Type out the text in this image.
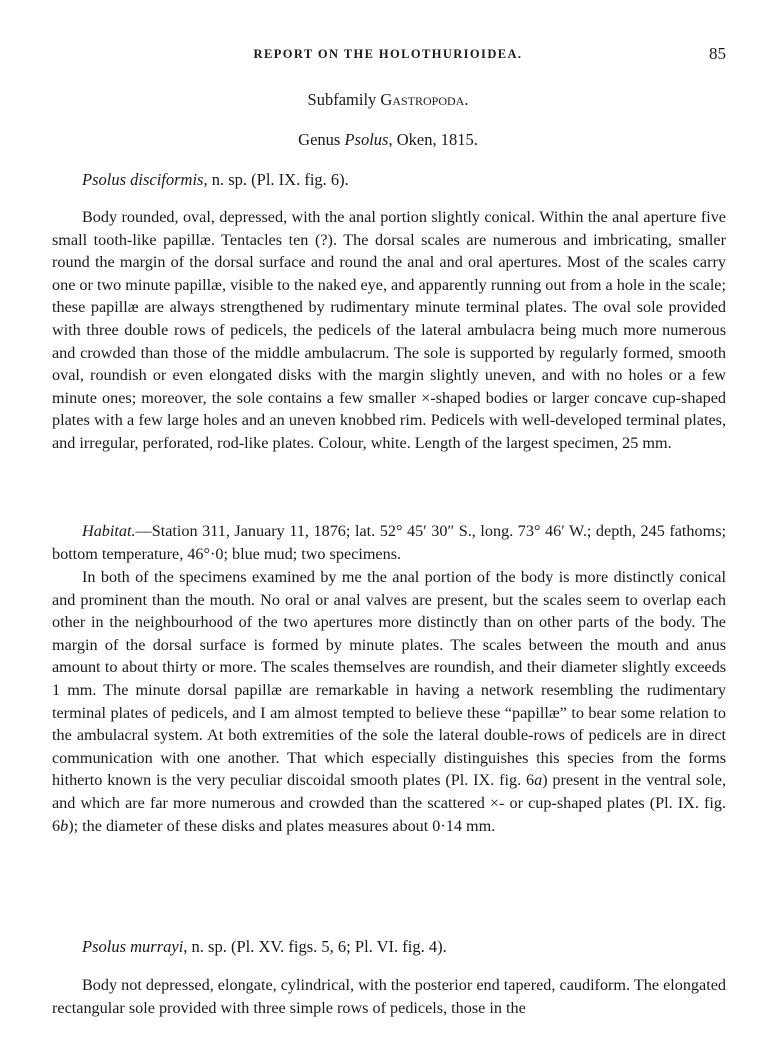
REPORT ON THE HOLOTHURIOIDEA.	85
Subfamily Gastropoda.
Genus Psolus, Oken, 1815.
Psolus disciformis, n. sp. (Pl. IX. fig. 6).

Body rounded, oval, depressed, with the anal portion slightly conical. Within the anal aperture five small tooth-like papillæ. Tentacles ten (?). The dorsal scales are numerous and imbricating, smaller round the margin of the dorsal surface and round the anal and oral apertures. Most of the scales carry one or two minute papillæ, visible to the naked eye, and apparently running out from a hole in the scale; these papillæ are always strengthened by rudimentary minute terminal plates. The oval sole provided with three double rows of pedicels, the pedicels of the lateral ambulacra being much more numerous and crowded than those of the middle ambulacrum. The sole is supported by regularly formed, smooth oval, roundish or even elongated disks with the margin slightly uneven, and with no holes or a few minute ones; moreover, the sole contains a few smaller ×-shaped bodies or larger concave cup-shaped plates with a few large holes and an uneven knobbed rim. Pedicels with well-developed terminal plates, and irregular, perforated, rod-like plates. Colour, white. Length of the largest specimen, 25 mm.

Habitat.—Station 311, January 11, 1876; lat. 52° 45′ 30″ S., long. 73° 46′ W.; depth, 245 fathoms; bottom temperature, 46°·0; blue mud; two specimens.

In both of the specimens examined by me the anal portion of the body is more distinctly conical and prominent than the mouth. No oral or anal valves are present, but the scales seem to overlap each other in the neighbourhood of the two apertures more distinctly than on other parts of the body. The margin of the dorsal surface is formed by minute plates. The scales between the mouth and anus amount to about thirty or more. The scales themselves are roundish, and their diameter slightly exceeds 1 mm. The minute dorsal papillæ are remarkable in having a network resembling the rudimentary terminal plates of pedicels, and I am almost tempted to believe these “papillæ” to bear some relation to the ambulacral system. At both extremities of the sole the lateral double-rows of pedicels are in direct communication with one another. That which especially distinguishes this species from the forms hitherto known is the very peculiar discoidal smooth plates (Pl. IX. fig. 6a) present in the ventral sole, and which are far more numerous and crowded than the scattered ×- or cup-shaped plates (Pl. IX. fig. 6b); the diameter of these disks and plates measures about 0·14 mm.

Psolus murrayi, n. sp. (Pl. XV. figs. 5, 6; Pl. VI. fig. 4).

Body not depressed, elongate, cylindrical, with the posterior end tapered, caudiform. The elongated rectangular sole provided with three simple rows of pedicels, those in the
